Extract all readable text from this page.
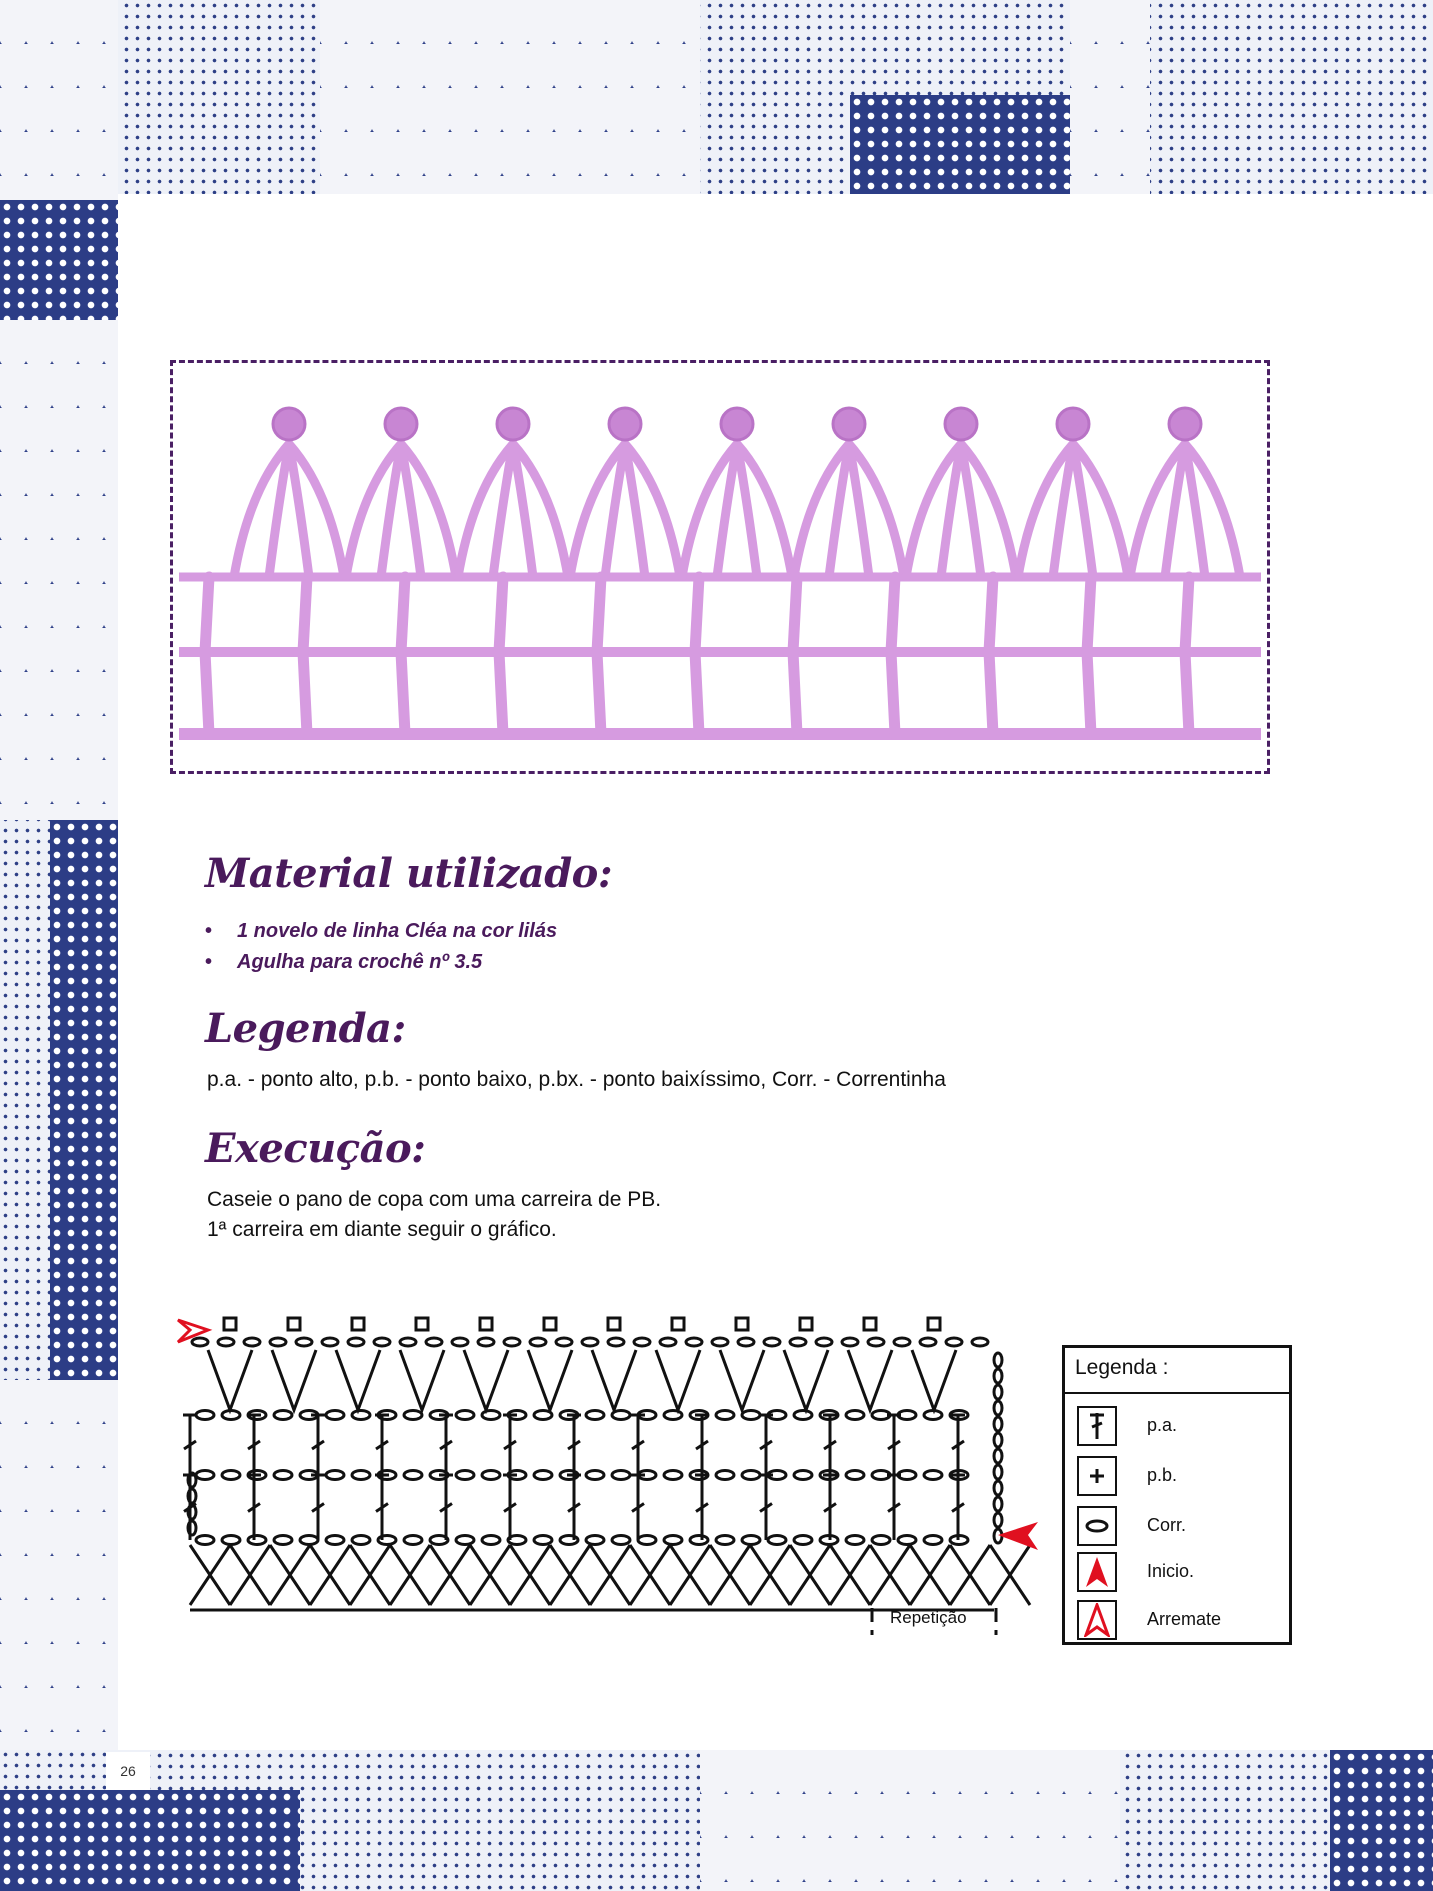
26
Material utilizado:
• 1 novelo de linha Cléa na cor lilás
• Agulha para crochê nº 3.5
Legenda:
p.a. - ponto alto, p.b. - ponto baixo, p.bx. - ponto baixíssimo, Corr. - Correntinha
Execução:
Caseie o pano de copa com uma carreira de PB.
1ª carreira em diante seguir o gráfico.
Repetição
Legenda :
p.a.
p.b.
Corr.
Inicio.
Arremate
